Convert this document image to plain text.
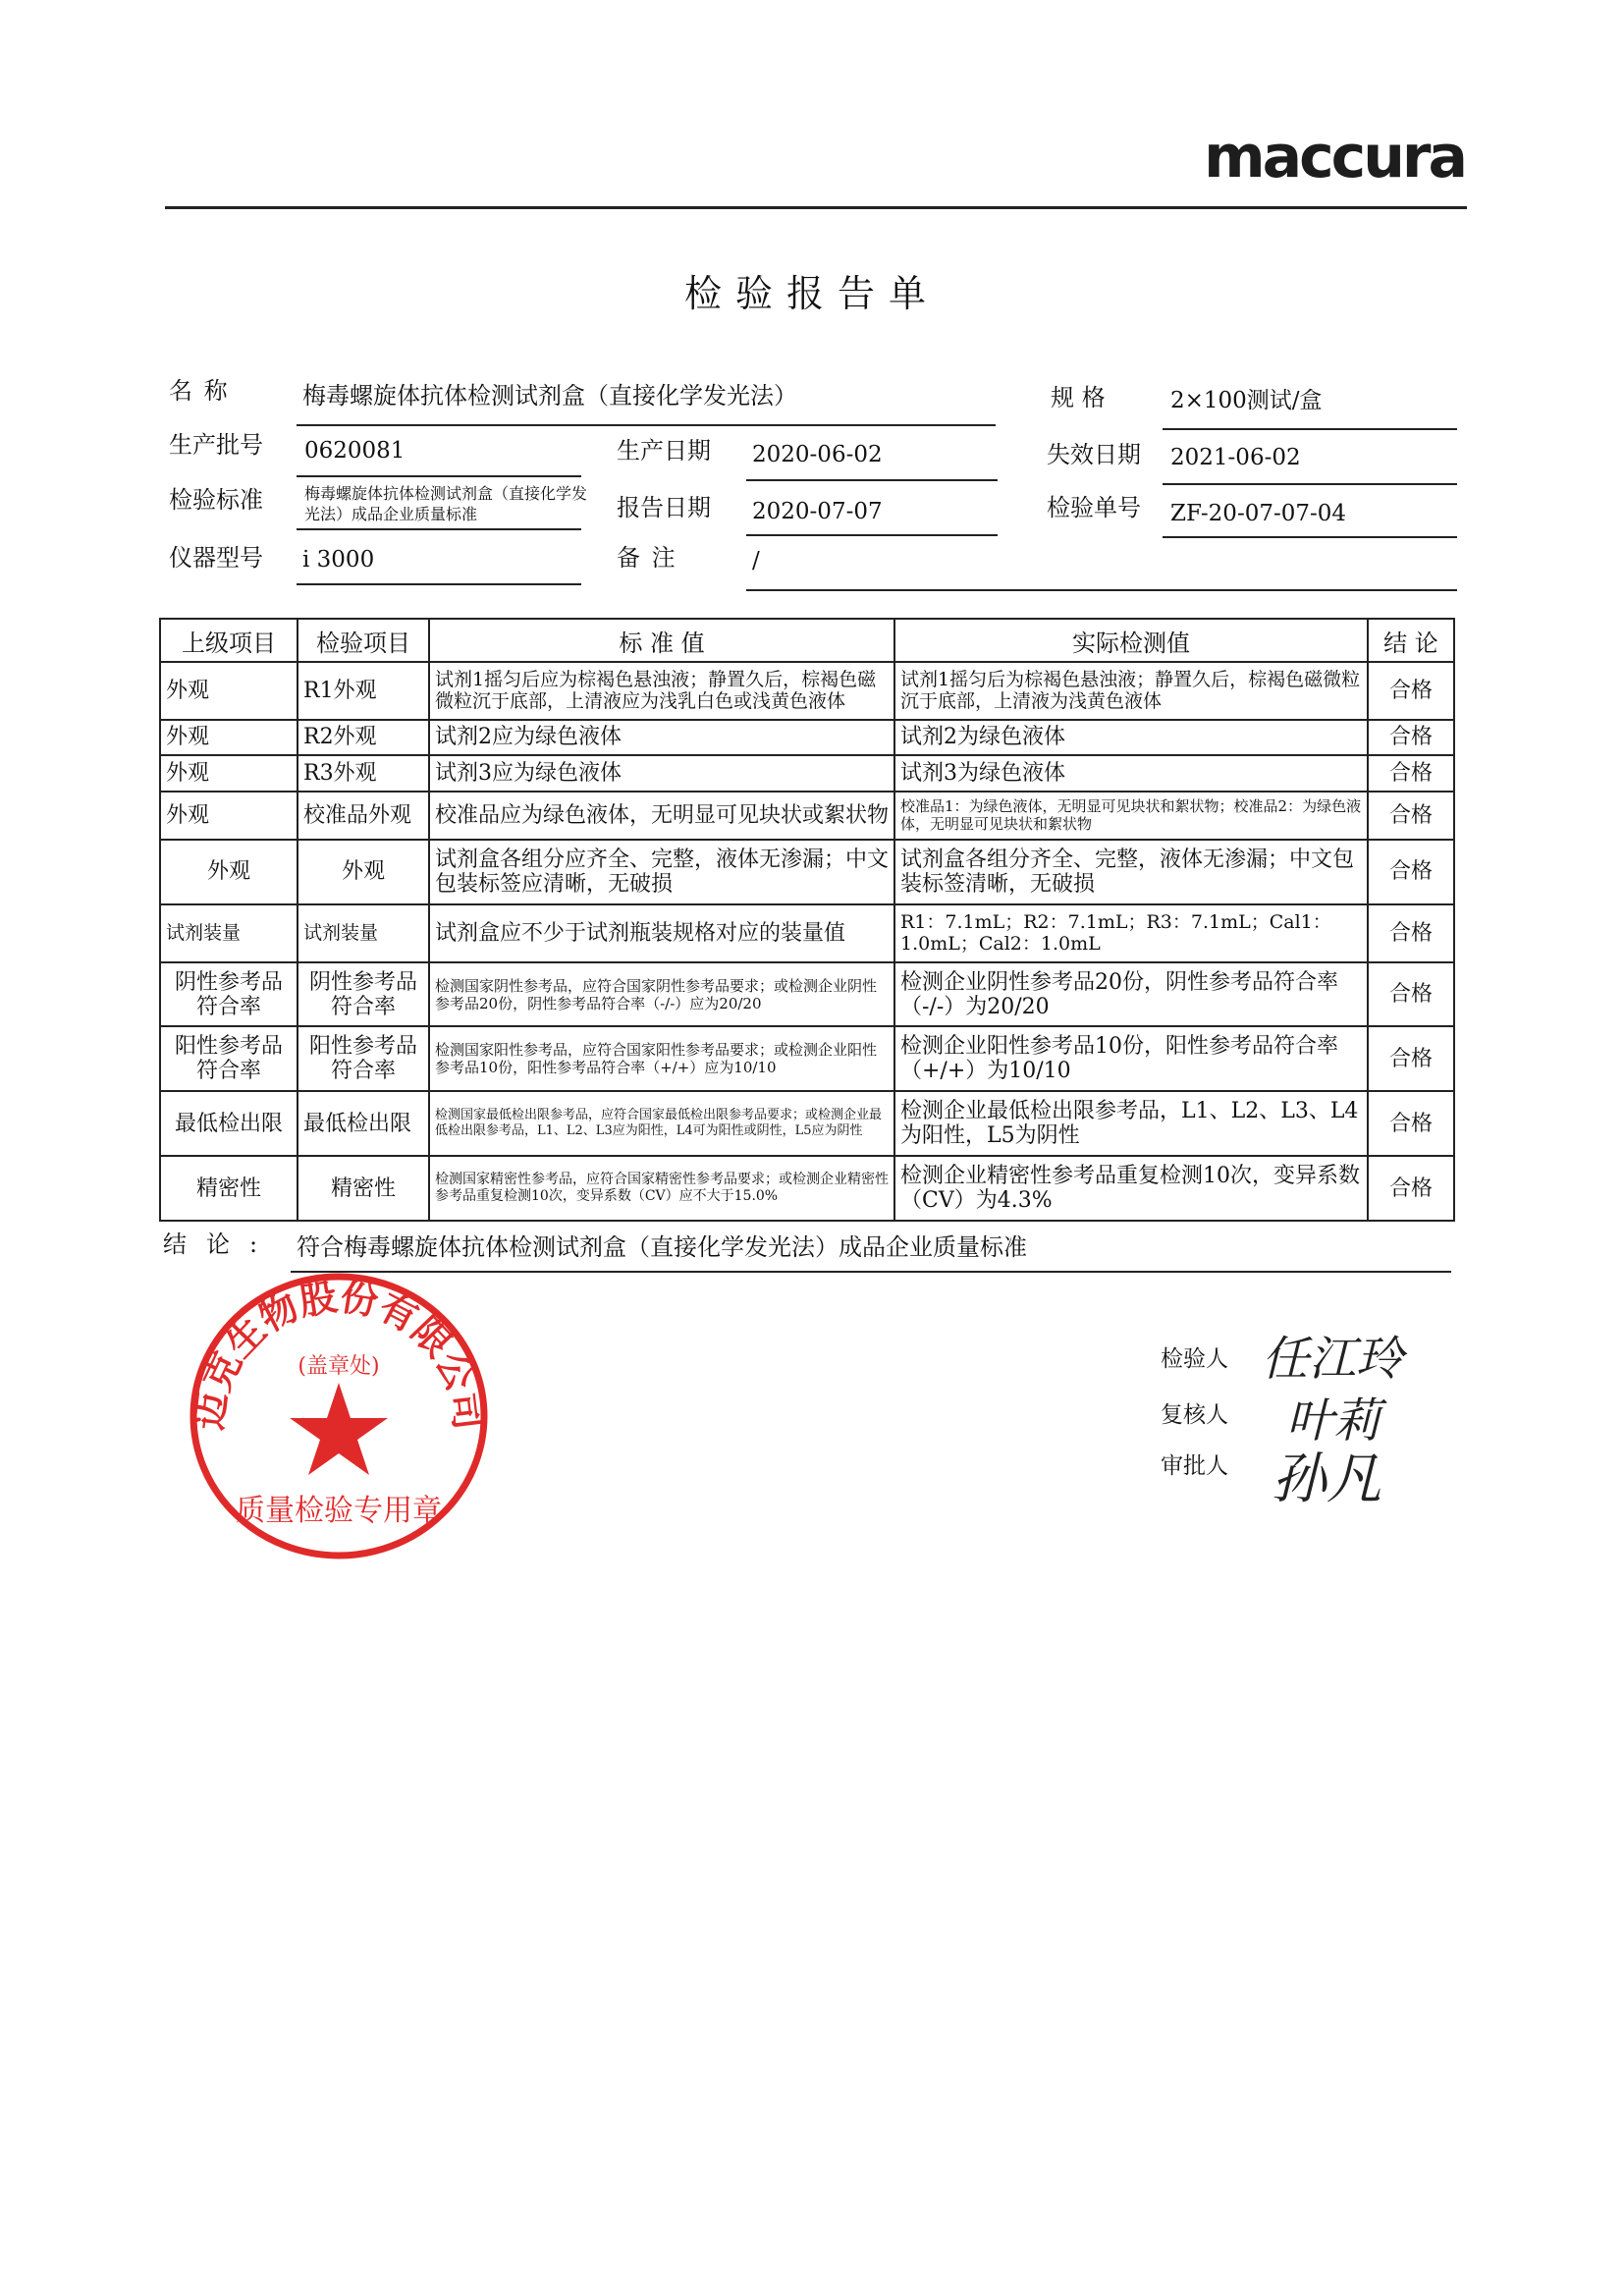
maccura
检验报告单
名 称	梅毒螺旋体抗体检测试剂盒（直接化学发光法）	规 格	2×100测试/盒
生产批号 0620081	生产日期 2020-06-02	失效日期 2021-06-02
检验标准	梅毒螺旋体抗体检测试剂盒（直接化学发光法）成品企业质量标准	报告日期 2020-07-07	检验单号 ZF-20-07-07-04
仪器型号 i 3000	备 注	/
上级项目	检验项目	标 准 值	实际检测值	结 论
外观	R1外观	试剂1摇匀后应为棕褐色悬浊液；静置久后，棕褐色磁微粒沉于底部，上清液应为浅乳白色或浅黄色液体	试剂1摇匀后为棕褐色悬浊液；静置久后，棕褐色磁微粒沉于底部，上清液为浅黄色液体	合格
外观	R2外观	试剂2应为绿色液体	试剂2为绿色液体	合格
外观	R3外观	试剂3应为绿色液体	试剂3为绿色液体	合格
外观	校准品外观	校准品应为绿色液体，无明显可见块状或絮状物	校准品1：为绿色液体，无明显可见块状和絮状物；校准品2：为绿色液体，无明显可见块状和絮状物	合格
外观	外观	试剂盒各组分应齐全、完整，液体无渗漏；中文包装标签应清晰，无破损	试剂盒各组分齐全、完整，液体无渗漏；中文包装标签清晰，无破损	合格
试剂装量	试剂装量	试剂盒应不少于试剂瓶装规格对应的装量值	R1：7.1mL；R2：7.1mL；R3：7.1mL；Cal1：1.0mL；Cal2：1.0mL	合格
阴性参考品符合率	阴性参考品符合率	检测国家阴性参考品，应符合国家阴性参考品要求；或检测企业阴性参考品20份，阴性参考品符合率（-/-）应为20/20	检测企业阴性参考品20份，阴性参考品符合率（-/-）为20/20	合格
阳性参考品符合率	阳性参考品符合率	检测国家阳性参考品，应符合国家阳性参考品要求；或检测企业阳性参考品10份，阳性参考品符合率（+/+）应为10/10	检测企业阳性参考品10份，阳性参考品符合率（+/+）为10/10	合格
最低检出限	最低检出限	检测国家最低检出限参考品，应符合国家最低检出限参考品要求；或检测企业最低检出限参考品，L1、L2、L3应为阳性，L4可为阳性或阴性，L5应为阴性	检测企业最低检出限参考品，L1、L2、L3、L4为阳性，L5为阴性	合格
精密性	精密性	检测国家精密性参考品，应符合国家精密性参考品要求；或检测企业精密性参考品重复检测10次，变异系数（CV）应不大于15.0%	检测企业精密性参考品重复检测10次，变异系数（CV）为4.3%	合格
结论: 符合梅毒螺旋体抗体检测试剂盒（直接化学发光法）成品企业质量标准
迈克生物股份有限公司
(盖章处)
质量检验专用章
检验人 任江玲
复核人 叶莉
审批人 孙凡
